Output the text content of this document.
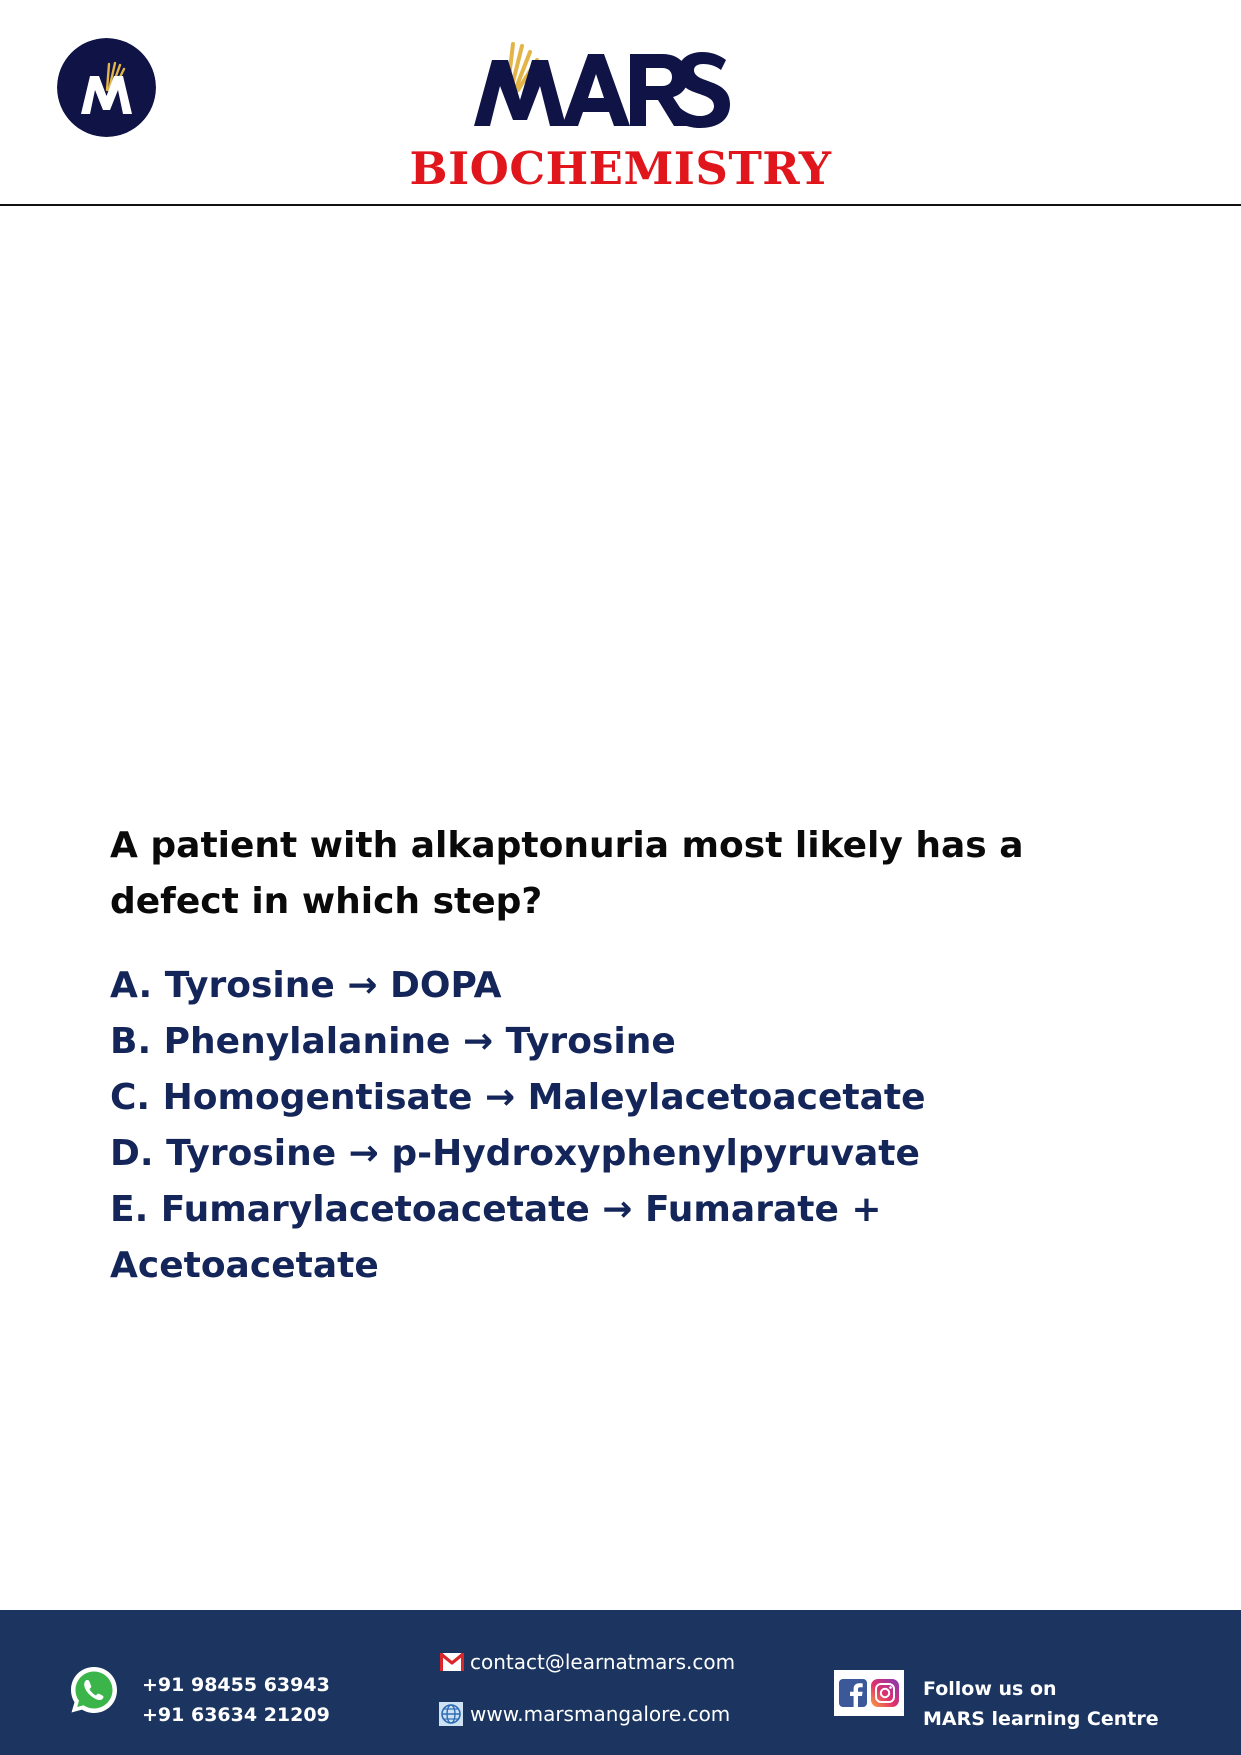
BIOCHEMISTRY
A patient with alkaptonuria most likely has a defect in which step?
A. Tyrosine → DOPA
B. Phenylalanine → Tyrosine
C. Homogentisate → Maleylacetoacetate
D. Tyrosine → p-Hydroxyphenylpyruvate
E. Fumarylacetoacetate → Fumarate + Acetoacetate
+91 98455 63943
+91 63634 21209
contact@learnatmars.com
www.marsmangalore.com
Follow us on
MARS learning Centre
